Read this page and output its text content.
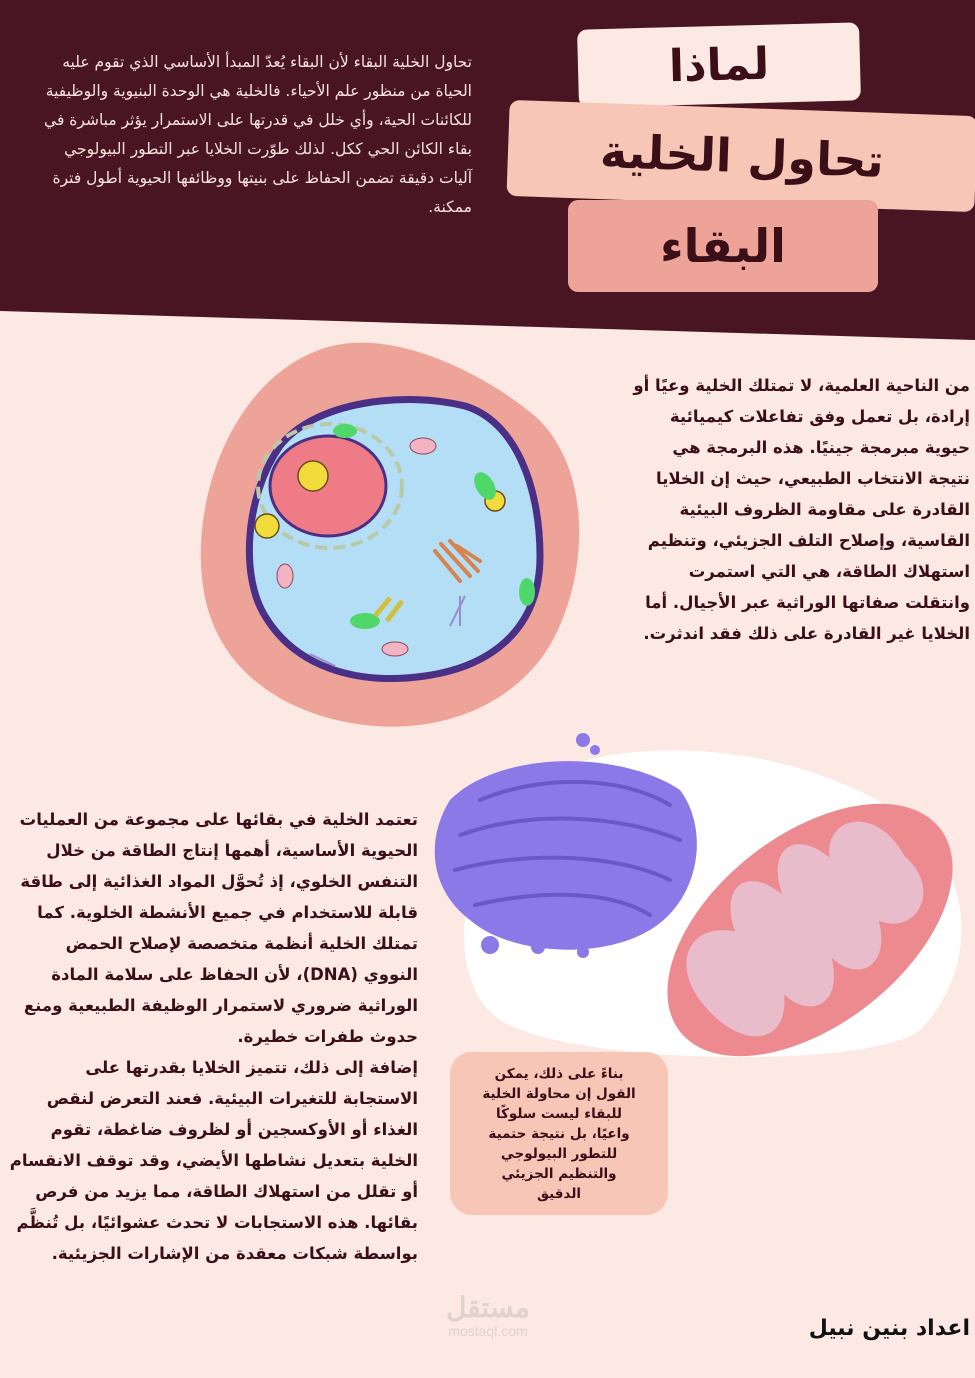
تحاول الخلية البقاء لأن البقاء يُعدّ المبدأ الأساسي الذي تقوم عليه الحياة من منظور علم الأحياء. فالخلية هي الوحدة البنيوية والوظيفية للكائنات الحية، وأي خلل في قدرتها على الاستمرار يؤثر مباشرة في بقاء الكائن الحي ككل. لذلك طوّرت الخلايا عبر التطور البيولوجي آليات دقيقة تضمن الحفاظ على بنيتها ووظائفها الحيوية أطول فترة ممكنة.

لماذا
تحاول الخلية
البقاء

من الناحية العلمية، لا تمتلك الخلية وعيًا أو إرادة، بل تعمل وفق تفاعلات كيميائية حيوية مبرمجة جينيًا. هذه البرمجة هي نتيجة الانتخاب الطبيعي، حيث إن الخلايا القادرة على مقاومة الظروف البيئية القاسية، وإصلاح التلف الجزيئي، وتنظيم استهلاك الطاقة، هي التي استمرت وانتقلت صفاتها الوراثية عبر الأجيال. أما الخلايا غير القادرة على ذلك فقد اندثرت.

تعتمد الخلية في بقائها على مجموعة من العمليات الحيوية الأساسية، أهمها إنتاج الطاقة من خلال التنفس الخلوي، إذ تُحوَّل المواد الغذائية إلى طاقة قابلة للاستخدام في جميع الأنشطة الخلوية. كما تمتلك الخلية أنظمة متخصصة لإصلاح الحمض النووي (DNA)، لأن الحفاظ على سلامة المادة الوراثية ضروري لاستمرار الوظيفة الطبيعية ومنع حدوث طفرات خطيرة.
إضافة إلى ذلك، تتميز الخلايا بقدرتها على الاستجابة للتغيرات البيئية. فعند التعرض لنقص الغذاء أو الأوكسجين أو لظروف ضاغطة، تقوم الخلية بتعديل نشاطها الأيضي، وقد توقف الانقسام أو تقلل من استهلاك الطاقة، مما يزيد من فرص بقائها. هذه الاستجابات لا تحدث عشوائيًا، بل تُنظَّم بواسطة شبكات معقدة من الإشارات الجزيئية.

بناءً على ذلك، يمكن
القول إن محاولة الخلية
للبقاء ليست سلوكًا
واعيًا، بل نتيجة حتمية
للتطور البيولوجي
والتنظيم الجزيئي
الدقيق
مستقل
mostaql.com	اعداد بنين نبيل
